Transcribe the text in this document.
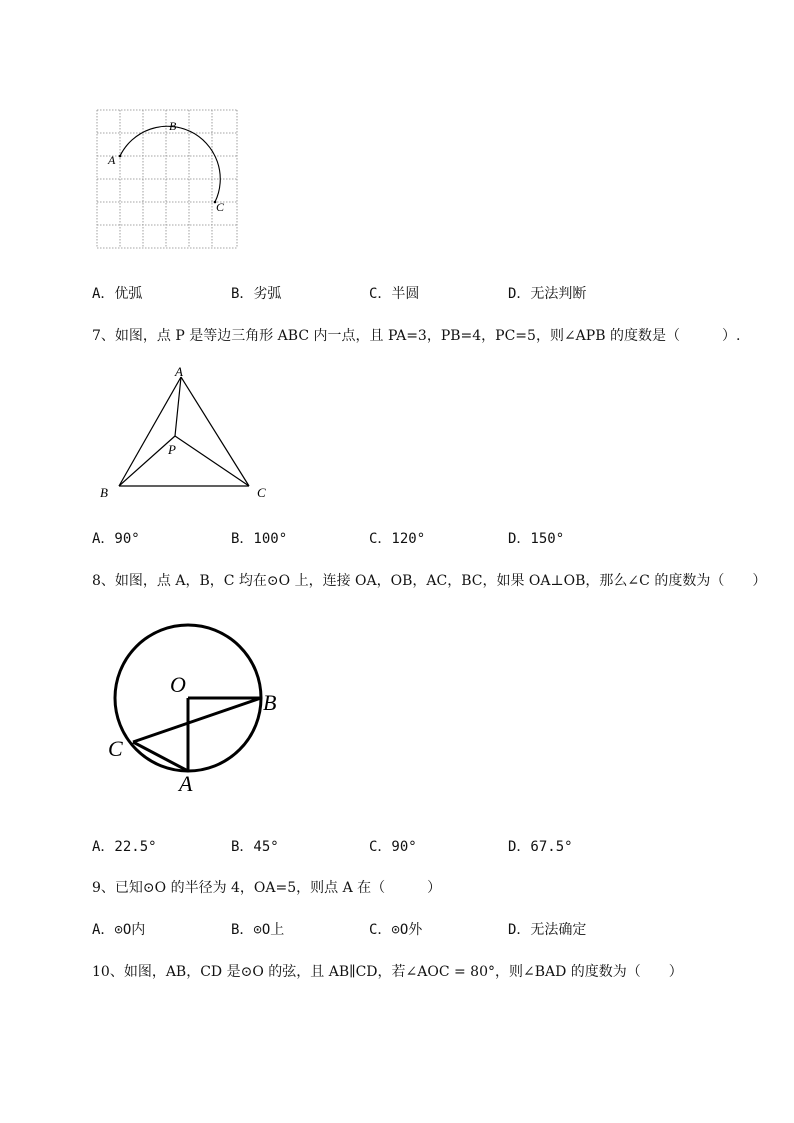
A
B
C
A．优弧	B．劣弧	C．半圆	D．无法判断
7、如图，点 P 是等边三角形 ABC 内一点，且 PA=3，PB=4，PC=5，则∠APB 的度数是（　　　）.
A
B	C
P
A．90°	B．100°	C．120°	D．150°
8、如图，点 A，B，C 均在⊙O 上，连接 OA，OB，AC，BC，如果 OA⊥OB，那么∠C 的度数为（　　）
O
B
C
A
A．22.5°	B．45°	C．90°	D．67.5°
9、已知⊙O 的半径为 4，OA=5，则点 A 在（　　　）
A．⊙O内	B．⊙O上	C．⊙O外	D．无法确定
10、如图，AB，CD 是⊙O 的弦，且 AB∥CD，若∠AOC = 80°，则∠BAD 的度数为（　　）
